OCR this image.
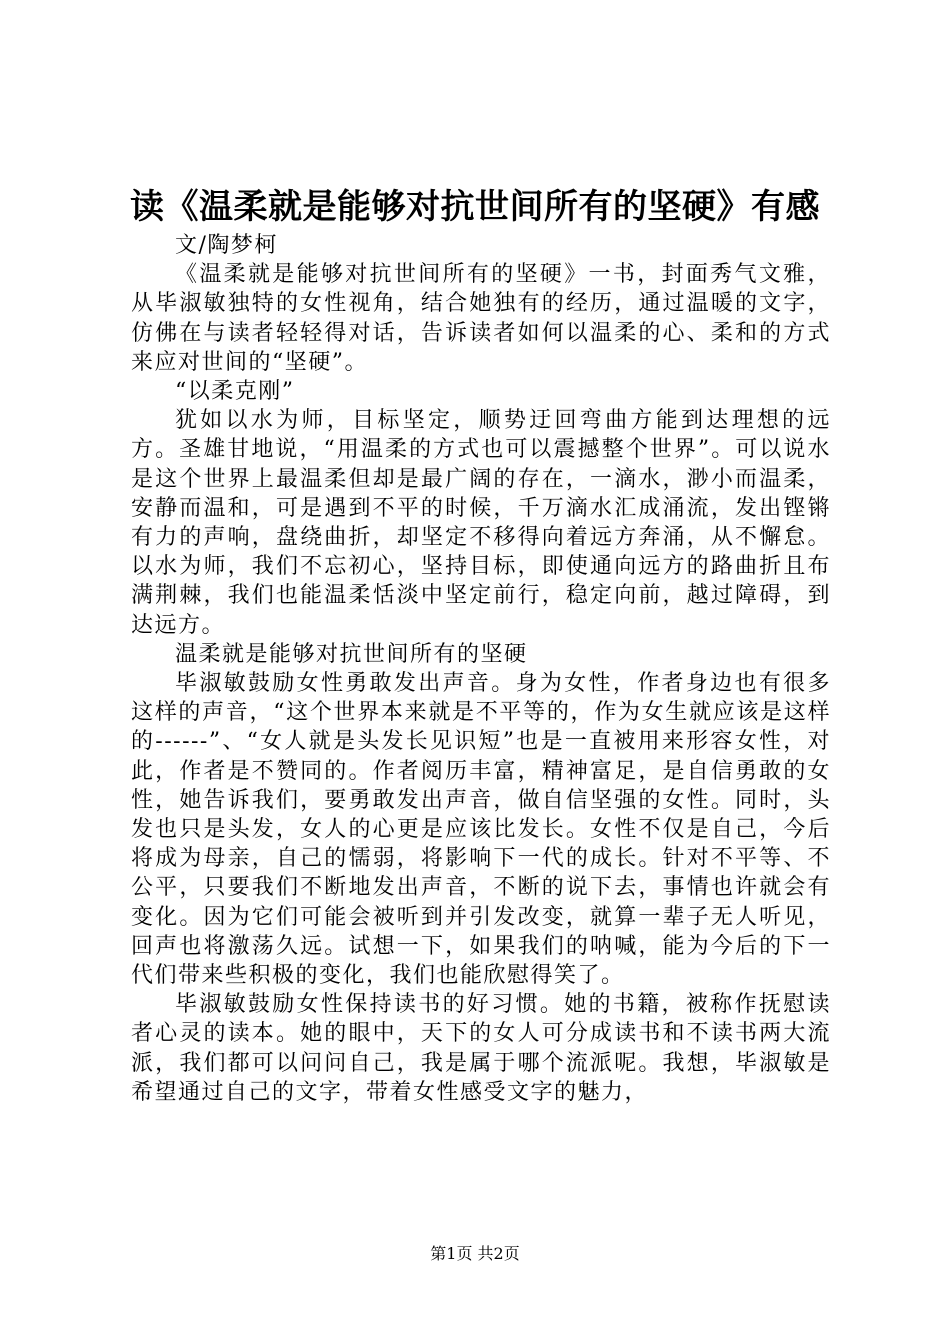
读《温柔就是能够对抗世间所有的坚硬》有感

文/陶梦柯

《温柔就是能够对抗世间所有的坚硬》一书，封面秀气文雅，从毕淑敏独特的女性视角，结合她独有的经历，通过温暖的文字，仿佛在与读者轻轻得对话，告诉读者如何以温柔的心、柔和的方式来应对世间的“坚硬”。

“以柔克刚”

犹如以水为师，目标坚定，顺势迂回弯曲方能到达理想的远方。圣雄甘地说，“用温柔的方式也可以震撼整个世界”。可以说水是这个世界上最温柔但却是最广阔的存在，一滴水，渺小而温柔，安静而温和，可是遇到不平的时候，千万滴水汇成涌流，发出铿锵有力的声响，盘绕曲折，却坚定不移得向着远方奔涌，从不懈怠。以水为师，我们不忘初心，坚持目标，即使通向远方的路曲折且布满荆棘，我们也能温柔恬淡中坚定前行，稳定向前，越过障碍，到达远方。

温柔就是能够对抗世间所有的坚硬

毕淑敏鼓励女性勇敢发出声音。身为女性，作者身边也有很多这样的声音，“这个世界本来就是不平等的，作为女生就应该是这样的------”、“女人就是头发长见识短”也是一直被用来形容女性，对此，作者是不赞同的。作者阅历丰富，精神富足，是自信勇敢的女性，她告诉我们，要勇敢发出声音，做自信坚强的女性。同时，头发也只是头发，女人的心更是应该比发长。女性不仅是自己，今后将成为母亲，自己的懦弱，将影响下一代的成长。针对不平等、不公平，只要我们不断地发出声音，不断的说下去，事情也许就会有变化。因为它们可能会被听到并引发改变，就算一辈子无人听见，回声也将激荡久远。试想一下，如果我们的呐喊，能为今后的下一代们带来些积极的变化，我们也能欣慰得笑了。

毕淑敏鼓励女性保持读书的好习惯。她的书籍，被称作抚慰读者心灵的读本。她的眼中，天下的女人可分成读书和不读书两大流派，我们都可以问问自己，我是属于哪个流派呢。我想，毕淑敏是希望通过自己的文字，带着女性感受文字的魅力，

第1页 共2页
